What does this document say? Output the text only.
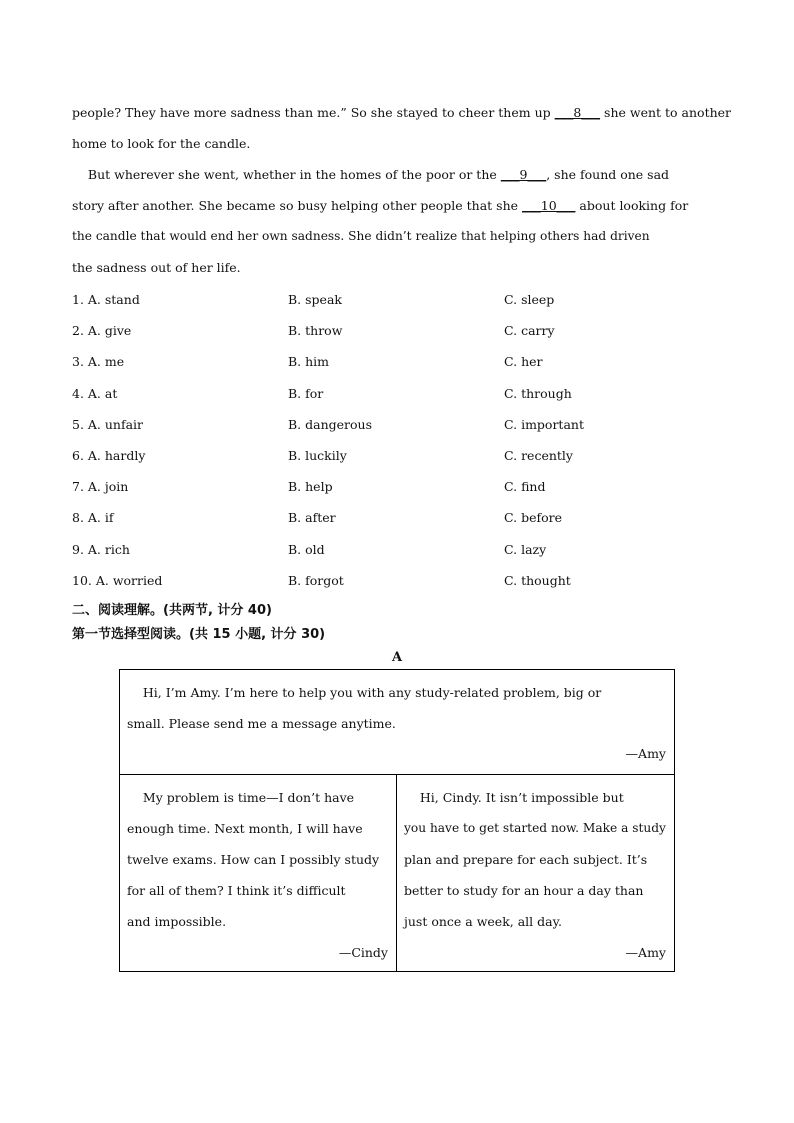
people? They have more sadness than me.” So she stayed to cheer them up ___8___ she went to another
home to look for the candle.
But wherever she went, whether in the homes of the poor or the ___9___, she found one sad
story after another. She became so busy helping other people that she ___10___ about looking for
the candle that would end her own sadness. She didn’t realize that helping others had driven
the sadness out of her life.
1. A. stand	B. speak	C. sleep
2. A. give	B. throw	C. carry
3. A. me	B. him	C. her
4. A. at	B. for	C. through
5. A. unfair	B. dangerous	C. important
6. A. hardly	B. luckily	C. recently
7. A. join	B. help	C. find
8. A. if	B. after	C. before
9. A. rich	B. old	C. lazy
10. A. worried	B. forgot	C. thought
二、阅读理解。(共两节, 计分 40)
第一节选择型阅读。(共 15 小题, 计分 30)
A
Hi, I’m Amy. I’m here to help you with any study-related problem, big or
small. Please send me a message anytime.
—Amy
My problem is time—I don’t have
enough time. Next month, I will have
twelve exams. How can I possibly study
for all of them? I think it’s difficult
and impossible.
—Cindy
Hi, Cindy. It isn’t impossible but
you have to get started now. Make a study
plan and prepare for each subject. It’s
better to study for an hour a day than
just once a week, all day.
—Amy
